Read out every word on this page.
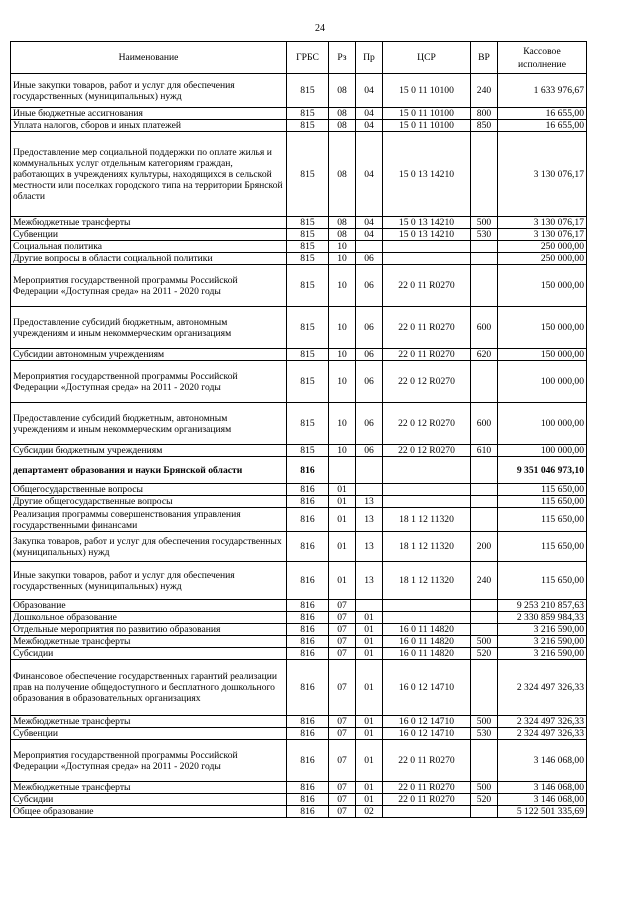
24
Наименование	ГРБС	Рз	Пр	ЦСР	ВР	Кассовое исполнение
Иные закупки товаров, работ и услуг для обеспечения государственных (муниципальных) нужд	815	08	04	15 0 11 10100	240	1 633 976,67
Иные бюджетные ассигнования	815	08	04	15 0 11 10100	800	16 655,00
Уплата налогов, сборов и иных платежей	815	08	04	15 0 11 10100	850	16 655,00
Предоставление мер социальной поддержки по оплате жилья и коммунальных услуг отдельным категориям граждан, работающих в учреждениях культуры, находящихся в сельской местности или поселках городского типа на территории Брянской области	815	08	04	15 0 13 14210		3 130 076,17
Межбюджетные трансферты	815	08	04	15 0 13 14210	500	3 130 076,17
Субвенции	815	08	04	15 0 13 14210	530	3 130 076,17
Социальная политика	815	10				250 000,00
Другие вопросы в области социальной политики	815	10	06			250 000,00
Мероприятия государственной программы Российской Федерации «Доступная среда» на 2011 - 2020 годы	815	10	06	22 0 11 R0270		150 000,00
Предоставление субсидий бюджетным, автономным учреждениям и иным некоммерческим организациям	815	10	06	22 0 11 R0270	600	150 000,00
Субсидии автономным учреждениям	815	10	06	22 0 11 R0270	620	150 000,00
Мероприятия государственной программы Российской Федерации «Доступная среда» на 2011 - 2020 годы	815	10	06	22 0 12 R0270		100 000,00
Предоставление субсидий бюджетным, автономным учреждениям и иным некоммерческим организациям	815	10	06	22 0 12 R0270	600	100 000,00
Субсидии бюджетным учреждениям	815	10	06	22 0 12 R0270	610	100 000,00
департамент образования и науки Брянской области	816					9 351 046 973,10
Общегосударственные вопросы	816	01				115 650,00
Другие общегосударственные вопросы	816	01	13			115 650,00
Реализация программы совершенствования управления государственными финансами	816	01	13	18 1 12 11320		115 650,00
Закупка товаров, работ и услуг для обеспечения государственных (муниципальных) нужд	816	01	13	18 1 12 11320	200	115 650,00
Иные закупки товаров, работ и услуг для обеспечения государственных (муниципальных) нужд	816	01	13	18 1 12 11320	240	115 650,00
Образование	816	07				9 253 210 857,63
Дошкольное образование	816	07	01			2 330 859 984,33
Отдельные мероприятия по развитию образования	816	07	01	16 0 11 14820		3 216 590,00
Межбюджетные трансферты	816	07	01	16 0 11 14820	500	3 216 590,00
Субсидии	816	07	01	16 0 11 14820	520	3 216 590,00
Финансовое обеспечение государственных гарантий реализации прав на получение общедоступного и бесплатного дошкольного образования в образовательных организациях	816	07	01	16 0 12 14710		2 324 497 326,33
Межбюджетные трансферты	816	07	01	16 0 12 14710	500	2 324 497 326,33
Субвенции	816	07	01	16 0 12 14710	530	2 324 497 326,33
Мероприятия государственной программы Российской Федерации «Доступная среда» на 2011 - 2020 годы	816	07	01	22 0 11 R0270		3 146 068,00
Межбюджетные трансферты	816	07	01	22 0 11 R0270	500	3 146 068,00
Субсидии	816	07	01	22 0 11 R0270	520	3 146 068,00
Общее образование	816	07	02			5 122 501 335,69
